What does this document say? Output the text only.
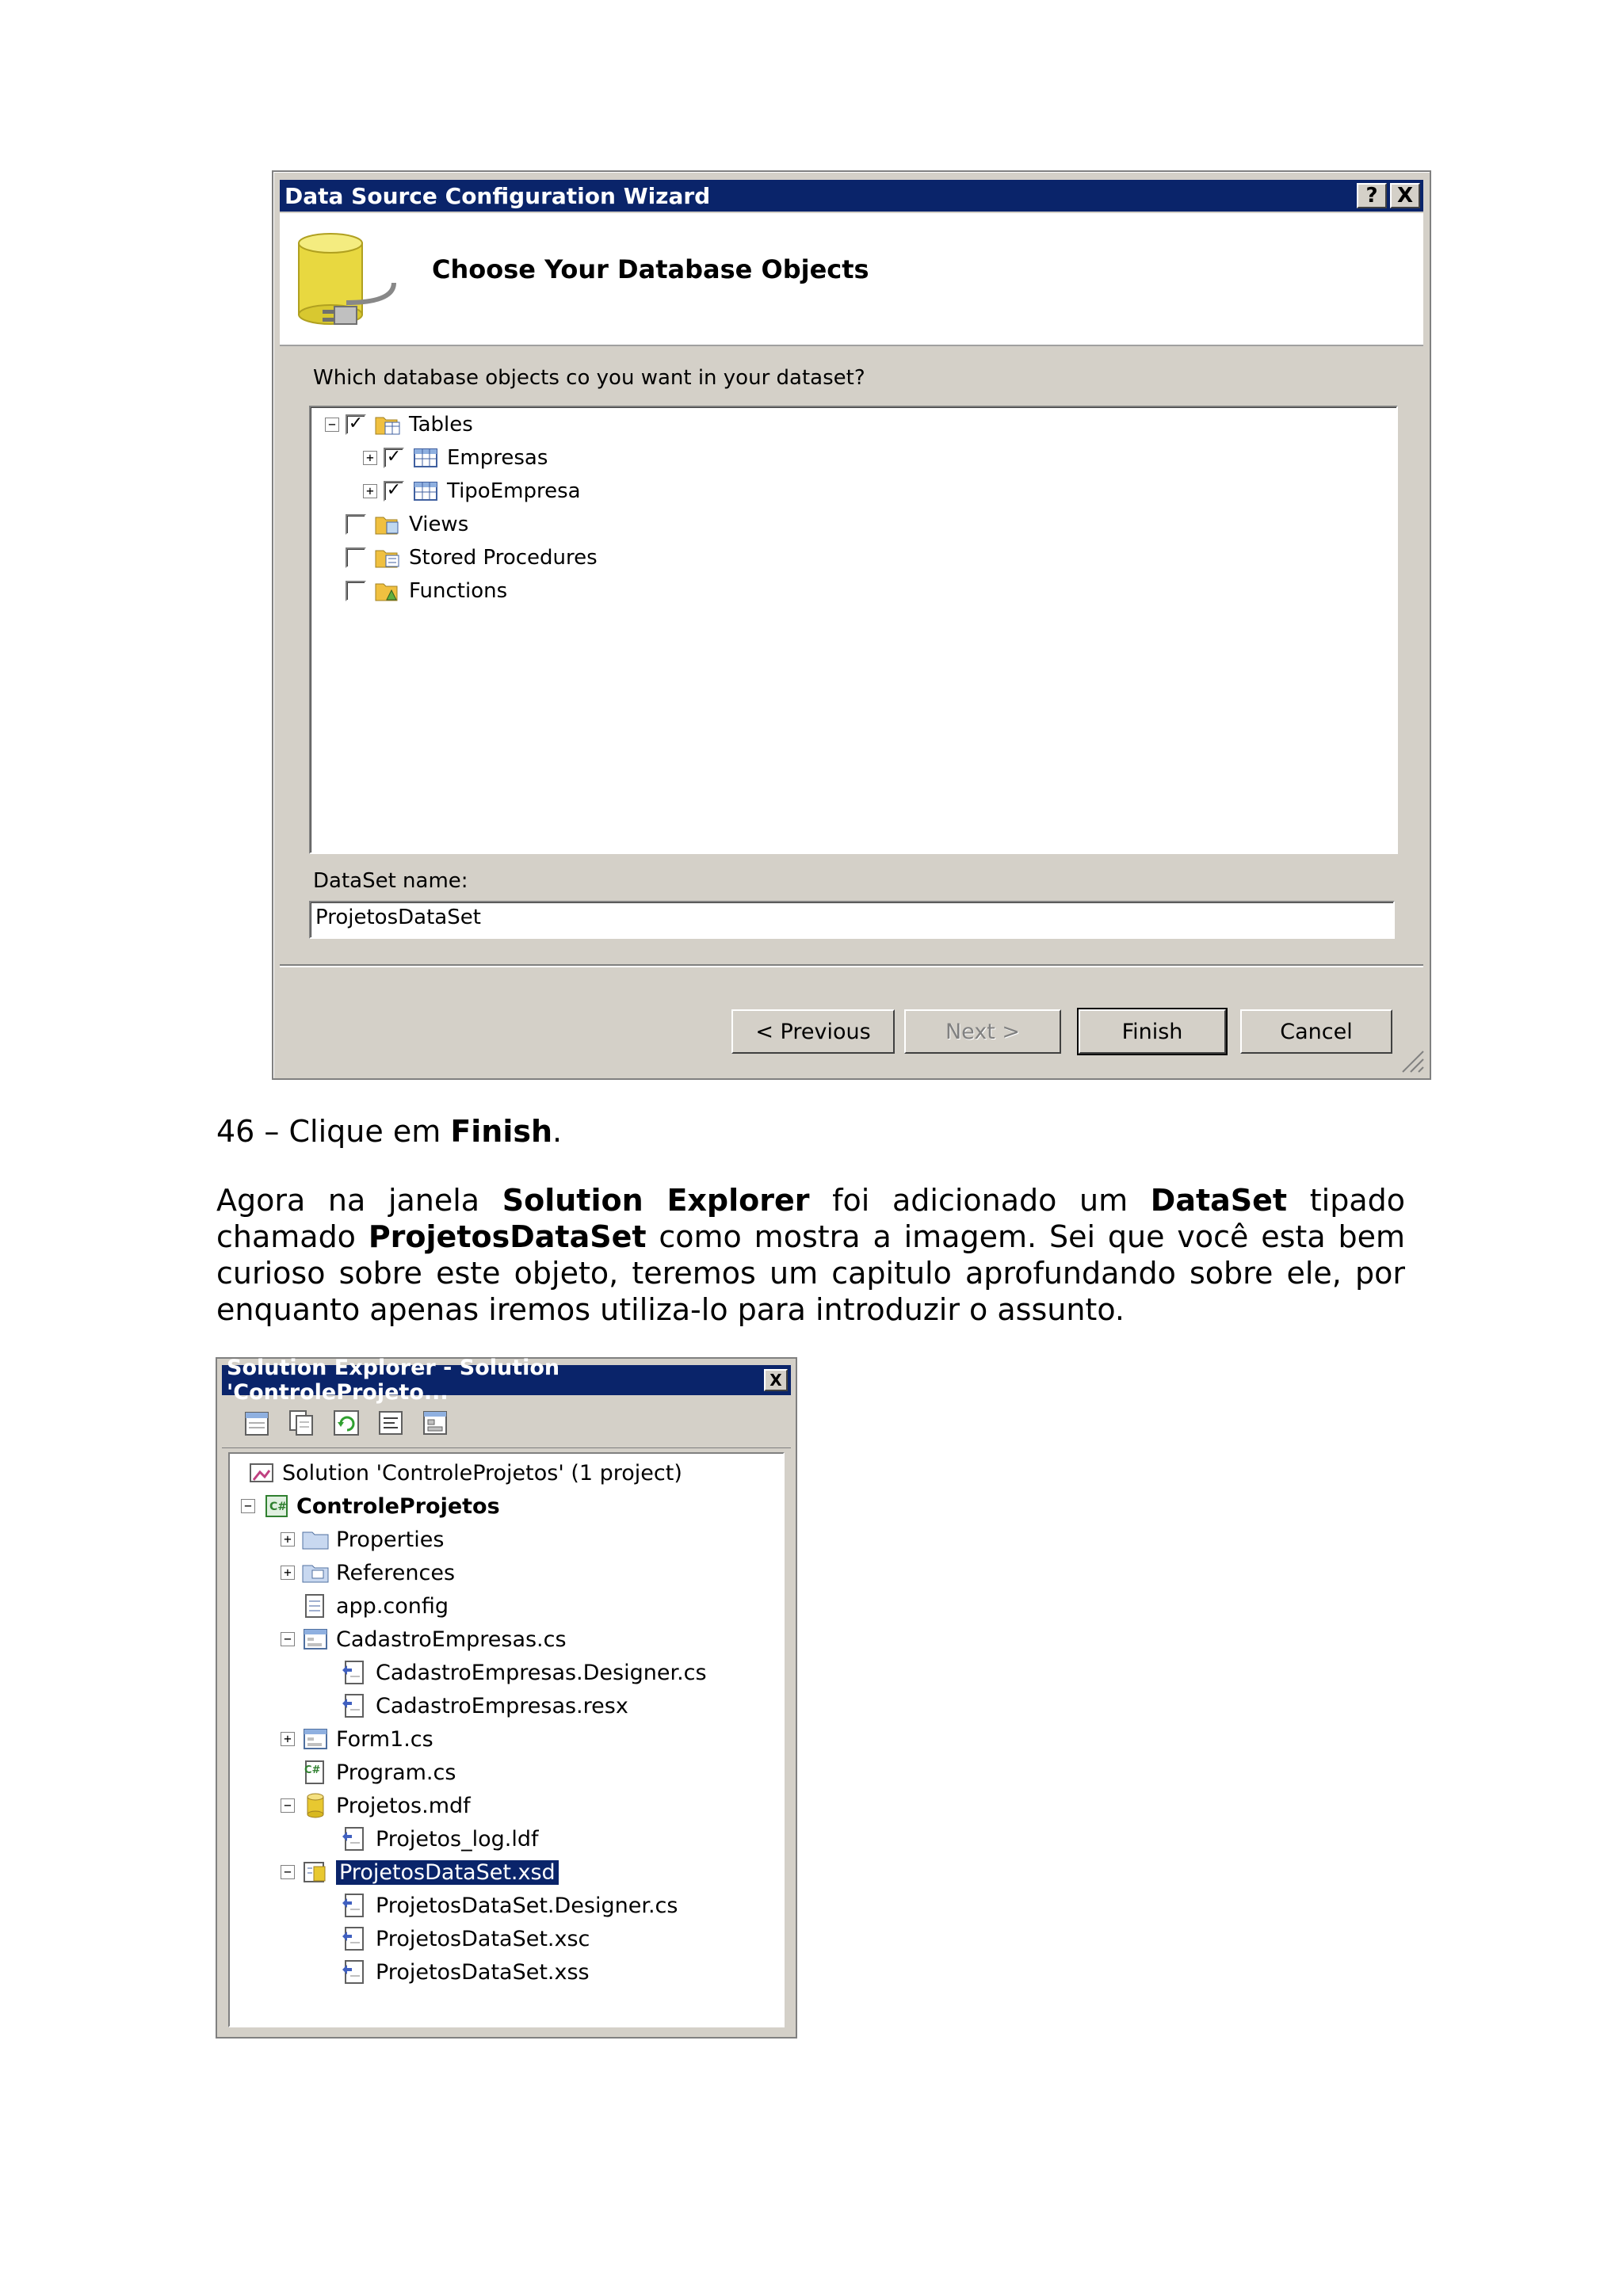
Data Source Configuration Wizard	? X
Choose Your Database Objects
Which database objects co you want in your dataset?
− ✓ Tables
+ ✓ Empresas
+ ✓ TipoEmpresa
Views
Stored Procedures
Functions
DataSet name:
ProjetosDataSet
< Previous	Next >	Finish	Cancel
46 – Clique em Finish.
Agora na janela Solution Explorer foi adicionado um DataSet tipado chamado ProjetosDataSet como mostra a imagem. Sei que você esta bem curioso sobre este objeto, teremos um capitulo aprofundando sobre ele, por enquanto apenas iremos utiliza-lo para introduzir o assunto.
Solution Explorer - Solution 'ControleProjeto...	X
Solution 'ControleProjetos' (1 project)
− C# ControleProjetos
+ Properties
+ References
app.config
− CadastroEmpresas.cs
CadastroEmpresas.Designer.cs
CadastroEmpresas.resx
+ Form1.cs
C# Program.cs
− Projetos.mdf
Projetos_log.ldf
− ProjetosDataSet.xsd
ProjetosDataSet.Designer.cs
ProjetosDataSet.xsc
ProjetosDataSet.xss
